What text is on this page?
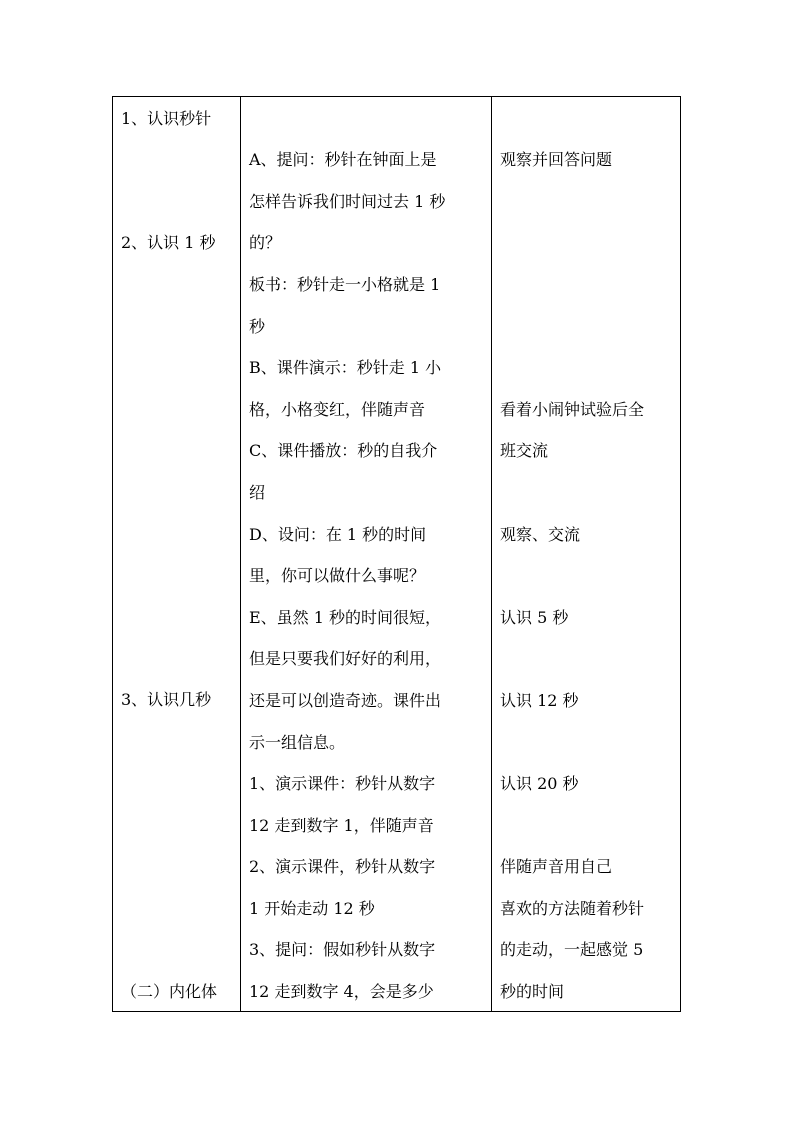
1、认识秒针
2、认识 1 秒
3、认识几秒
（二）内化体
A、提问：秒针在钟面上是
怎样告诉我们时间过去 1 秒
的？
板书：秒针走一小格就是 1
秒
B、课件演示：秒针走 1 小
格，小格变红，伴随声音
C、课件播放：秒的自我介
绍
D、设问：在 1 秒的时间
里，你可以做什么事呢？
E、虽然 1 秒的时间很短，
但是只要我们好好的利用，
还是可以创造奇迹。课件出
示一组信息。
1、演示课件：秒针从数字
12 走到数字 1，伴随声音
2、演示课件，秒针从数字
1 开始走动 12 秒
3、提问：假如秒针从数字
12 走到数字 4，会是多少
观察并回答问题
看着小闹钟试验后全
班交流
观察、交流
认识 5 秒
认识 12 秒
认识 20 秒
伴随声音用自己
喜欢的方法随着秒针
的走动，一起感觉 5
秒的时间
